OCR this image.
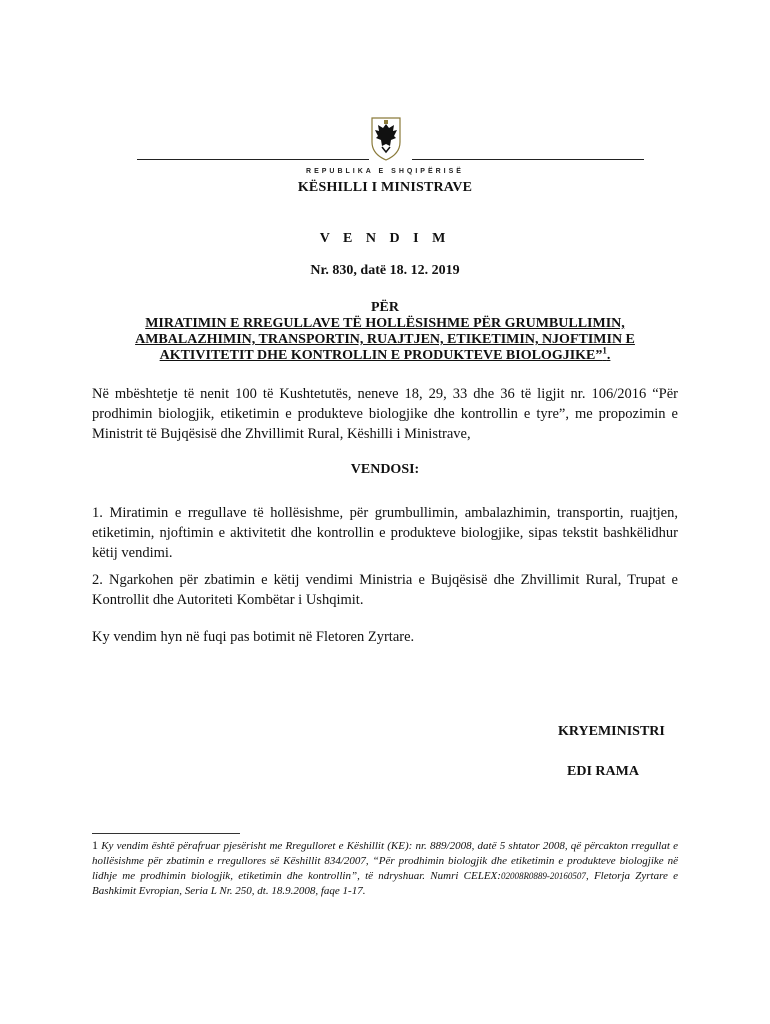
REPUBLIKA E SHQIPËRISË
KËSHILLI I MINISTRAVE
V E N D I M
Nr. 830, datë 18. 12. 2019
PËR
MIRATIMIN E RREGULLAVE TË HOLLËSISHME PËR GRUMBULLIMIN, AMBALAZHIMIN, TRANSPORTIN, RUAJTJEN, ETIKETIMIN, NJOFTIMIN E AKTIVITETIT DHE KONTROLLIN E PRODUKTEVE BIOLOGJIKE”$^1$.
Në mbështetje të nenit 100 të Kushtetutës, neneve 18, 29, 33 dhe 36 të ligjit nr. 106/2016 “Për prodhimin biologjik, etiketimin e produkteve biologjike dhe kontrollin e tyre”, me propozimin e Ministrit të Bujqësisë dhe Zhvillimit Rural, Këshilli i Ministrave,
VENDOSI:
1. Miratimin e rregullave të hollësishme, për grumbullimin, ambalazhimin, transportin, ruajtjen, etiketimin, njoftimin e aktivitetit dhe kontrollin e produkteve biologjike, sipas tekstit bashkëlidhur këtij vendimi.
2. Ngarkohen për zbatimin e këtij vendimi Ministria e Bujqësisë dhe Zhvillimit Rural, Trupat e Kontrollit dhe Autoriteti Kombëtar i Ushqimit.
Ky vendim hyn në fuqi pas botimit në Fletoren Zyrtare.
KRYEMINISTRI
EDI RAMA
1 Ky vendim është përafruar pjesërisht me Rregulloret e Këshillit (KE): nr. 889/2008, datë 5 shtator 2008, që përcakton rregullat e hollësishme për zbatimin e rregullores së Këshillit 834/2007, “Për prodhimin biologjik dhe etiketimin e produkteve biologjike në lidhje me prodhimin biologjik, etiketimin dhe kontrollin”, të ndryshuar. Numri CELEX:02008R0889-20160507, Fletorja Zyrtare e Bashkimit Evropian, Seria L Nr. 250, dt. 18.9.2008, faqe 1-17.
